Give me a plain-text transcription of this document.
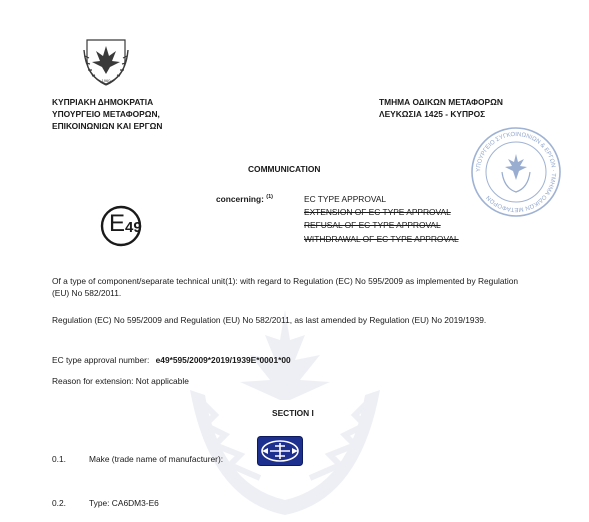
1960
ΚΥΠΡΙΑΚΗ ΔΗΜΟΚΡΑΤΙΑ
ΥΠΟΥΡΓΕΙΟ ΜΕΤΑΦΟΡΩΝ,
ΕΠΙΚΟΙΝΩΝΙΩΝ ΚΑΙ ΕΡΓΩΝ
ΤΜΗΜΑ ΟΔΙΚΩΝ ΜΕΤΑΦΟΡΩΝ
ΛΕΥΚΩΣΙΑ 1425 - ΚΥΠΡΟΣ
ΥΠΟΥΡΓΕΙΟ ΣΥΓΚΟΙΝΩΝΙΩΝ & ΕΡΓΩΝ · ΤΜΗΜΑ ΟΔΙΚΩΝ ΜΕΤΑΦΟΡΩΝ
COMMUNICATION
concerning: $^{(1)}$	EC TYPE APPROVAL
EXTENSION OF EC TYPE APPROVAL
REFUSAL OF EC TYPE APPROVAL
WITHDRAWAL OF EC TYPE APPROVAL
E 49
Of a type of component/separate technical unit(1): with regard to Regulation (EC) No 595/2009 as implemented by Regulation (EU) No 582/2011.
Regulation (EC) No 595/2009 and Regulation (EU) No 582/2011, as last amended by Regulation (EU) No 2019/1939.
EC type approval number: e49*595/2009*2019/1939E*0001*00
Reason for extension: Not applicable
SECTION I
0.1.	Make (trade name of manufacturer):
0.2.	Type: CA6DM3-E6
